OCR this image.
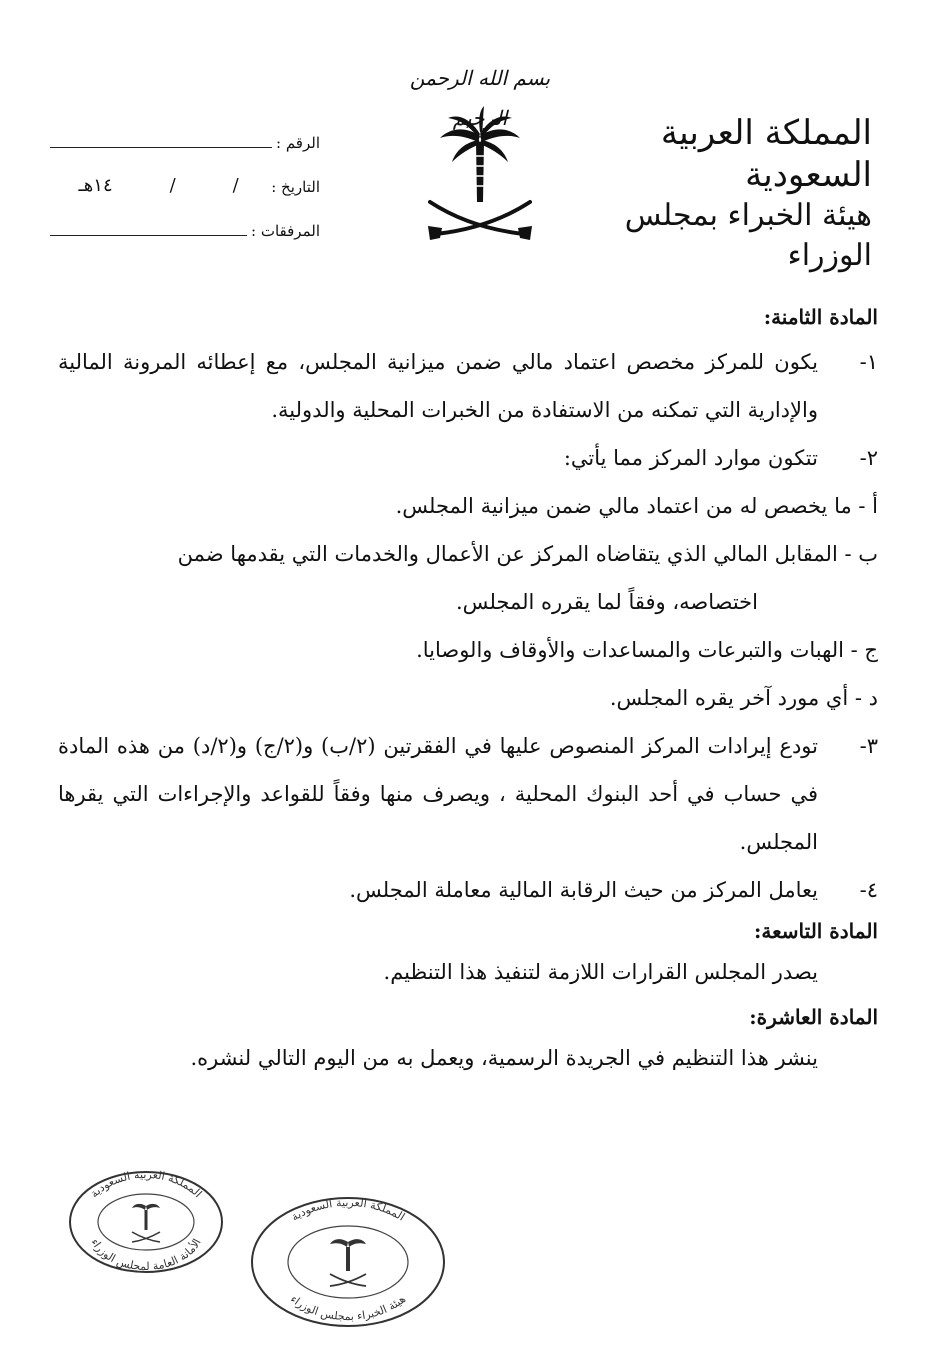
بسم الله الرحمن
المملكة العربية السعودية
هيئة الخبراء بمجلس الوزراء
الرقم :
التاريخ :
/
/
١٤هـ
المرفقات :

المادة الثامنة:

١-
يكون للمركز مخصص اعتماد مالي ضمن ميزانية المجلس، مع إعطائه المرونة المالية والإدارية التي تمكنه من الاستفادة من الخبرات المحلية والدولية.
٢-
تتكون موارد المركز مما يأتي:
أ - ما يخصص له من اعتماد مالي ضمن ميزانية المجلس.
ب - المقابل المالي الذي يتقاضاه المركز عن الأعمال والخدمات التي يقدمها ضمن
اختصاصه، وفقاً لما يقرره المجلس.
ج - الهبات والتبرعات والمساعدات والأوقاف والوصايا.
د - أي مورد آخر يقره المجلس.
٣-
تودع إيرادات المركز المنصوص عليها في الفقرتين (٢/ب) و(٢/ج) و(٢/د) من هذه المادة في حساب في أحد البنوك المحلية ، ويصرف منها وفقاً للقواعد والإجراءات التي يقرها المجلس.
٤-
يعامل المركز من حيث الرقابة المالية معاملة المجلس.

المادة التاسعة:

يصدر المجلس القرارات اللازمة لتنفيذ هذا التنظيم.

المادة العاشرة:

ينشر هذا التنظيم في الجريدة الرسمية، ويعمل به من اليوم التالي لنشره.
المملكة العربية السعودية
الأمانة العامة لمجلس الوزراء
المملكة العربية السعودية
هيئة الخبراء بمجلس الوزراء
